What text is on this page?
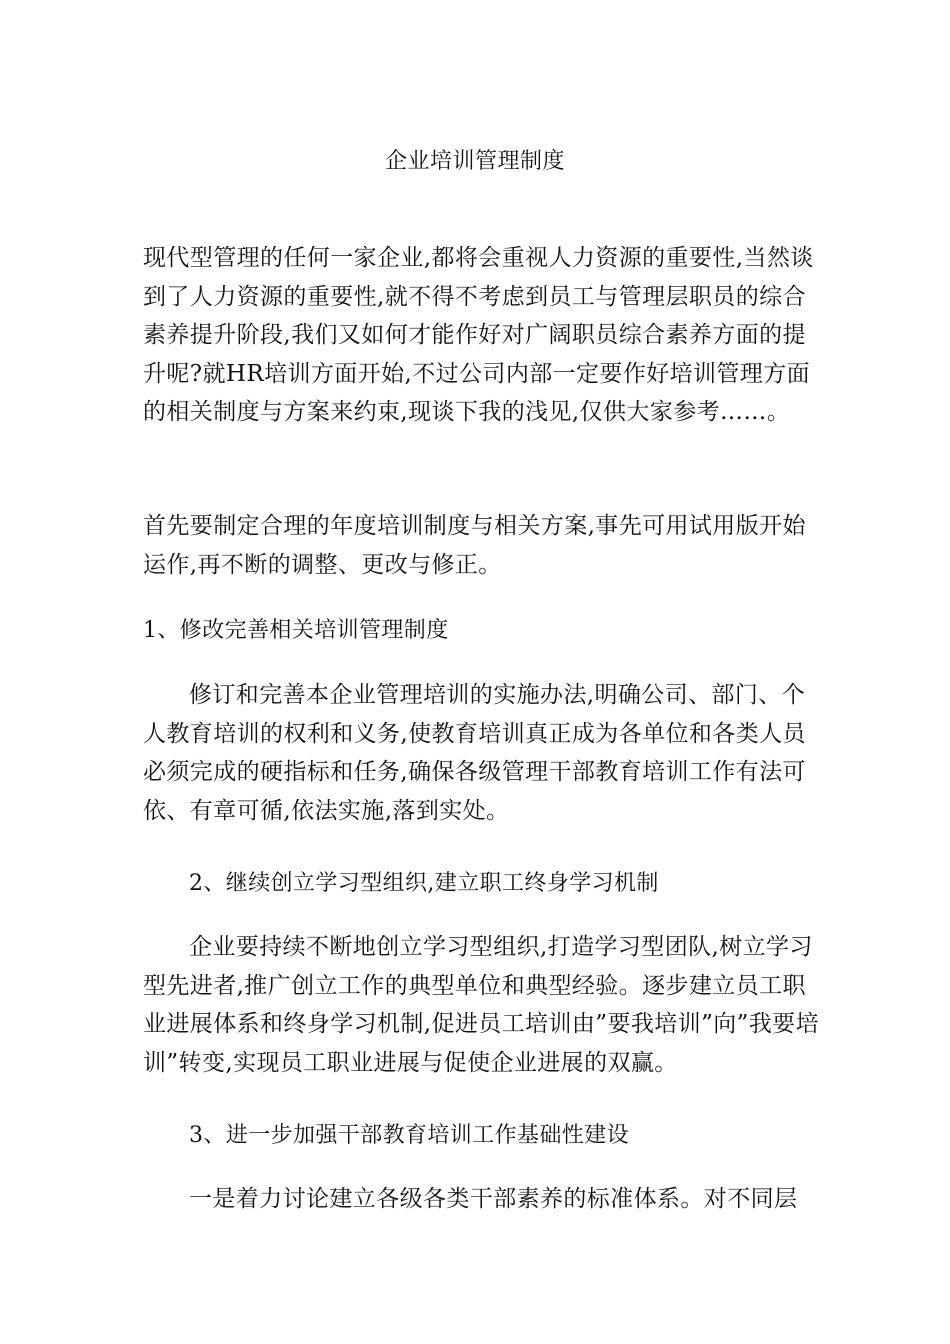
企业培训管理制度

现代型管理的任何一家企业,都将会重视人力资源的重要性,当然谈到了人力资源的重要性,就不得不考虑到员工与管理层职员的综合素养提升阶段,我们又如何才能作好对广阔职员综合素养方面的提升呢?就HR培训方面开始,不过公司内部一定要作好培训管理方面的相关制度与方案来约束,现谈下我的浅见,仅供大家参考……。

首先要制定合理的年度培训制度与相关方案,事先可用试用版开始运作,再不断的调整、更改与修正。

1、修改完善相关培训管理制度

修订和完善本企业管理培训的实施办法,明确公司、部门、个人教育培训的权利和义务,使教育培训真正成为各单位和各类人员必须完成的硬指标和任务,确保各级管理干部教育培训工作有法可依、有章可循,依法实施,落到实处。

2、继续创立学习型组织,建立职工终身学习机制

企业要持续不断地创立学习型组织,打造学习型团队,树立学习型先进者,推广创立工作的典型单位和典型经验。逐步建立员工职业进展体系和终身学习机制,促进员工培训由”要我培训”向”我要培训”转变,实现员工职业进展与促使企业进展的双赢。

3、进一步加强干部教育培训工作基础性建设

一是着力讨论建立各级各类干部素养的标准体系。对不同层
